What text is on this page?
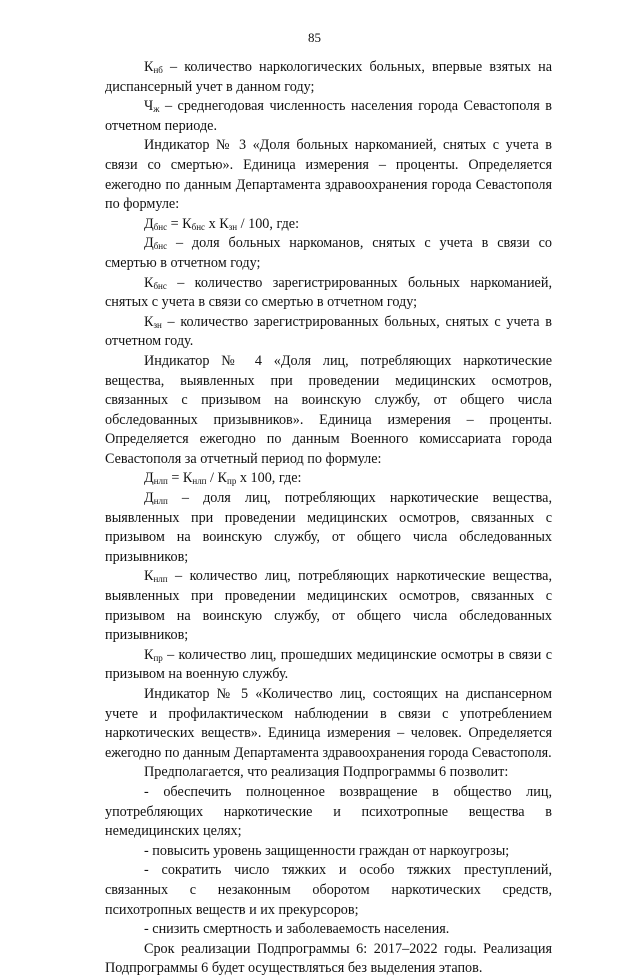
85

$К_{нб}$ – количество наркологических больных, впервые взятых на диспансерный учет в данном году;

$Ч_ж$ – среднегодовая численность населения города Севастополя в отчетном периоде.

Индикатор № 3 «Доля больных наркоманией, снятых с учета в связи со смертью». Единица измерения – проценты. Определяется ежегодно по данным Департамента здравоохранения города Севастополя по формуле:

$Д_{бнс} = К_{бнс}$ х $К_{зн} / 100$, где:

$Д_{бнс}$ – доля больных наркоманов, снятых с учета в связи со смертью в отчетном году;

$К_{бнс}$ – количество зарегистрированных больных наркоманией, снятых с учета в связи со смертью в отчетном году;

$К_{зн}$ – количество зарегистрированных больных, снятых с учета в отчетном году.

Индикатор № 4 «Доля лиц, потребляющих наркотические вещества, выявленных при проведении медицинских осмотров, связанных с призывом на воинскую службу, от общего числа обследованных призывников». Единица измерения – проценты. Определяется ежегодно по данным Военного комиссариата города Севастополя за отчетный период по формуле:

$Д_{нлп} = К_{нлп} / К_{пр}$ х 100, где:

$Д_{нлп}$ – доля лиц, потребляющих наркотические вещества, выявленных при проведении медицинских осмотров, связанных с призывом на воинскую службу, от общего числа обследованных призывников;

$К_{нлп}$ – количество лиц, потребляющих наркотические вещества, выявленных при проведении медицинских осмотров, связанных с призывом на воинскую службу, от общего числа обследованных призывников;

$К_{пр}$ – количество лиц, прошедших медицинские осмотры в связи с призывом на военную службу.

Индикатор № 5 «Количество лиц, состоящих на диспансерном учете и профилактическом наблюдении в связи с употреблением наркотических веществ». Единица измерения – человек. Определяется ежегодно по данным Департамента здравоохранения города Севастополя.

Предполагается, что реализация Подпрограммы 6 позволит:

- обеспечить полноценное возвращение в общество лиц, употребляющих наркотические и психотропные вещества в немедицинских целях;

- повысить уровень защищенности граждан от наркоугрозы;

- сократить число тяжких и особо тяжких преступлений, связанных с незаконным оборотом наркотических средств, психотропных веществ и их прекурсоров;

- снизить смертность и заболеваемость населения.

Срок реализации Подпрограммы 6: 2017–2022 годы. Реализация Подпрограммы 6 будет осуществляться без выделения этапов.
